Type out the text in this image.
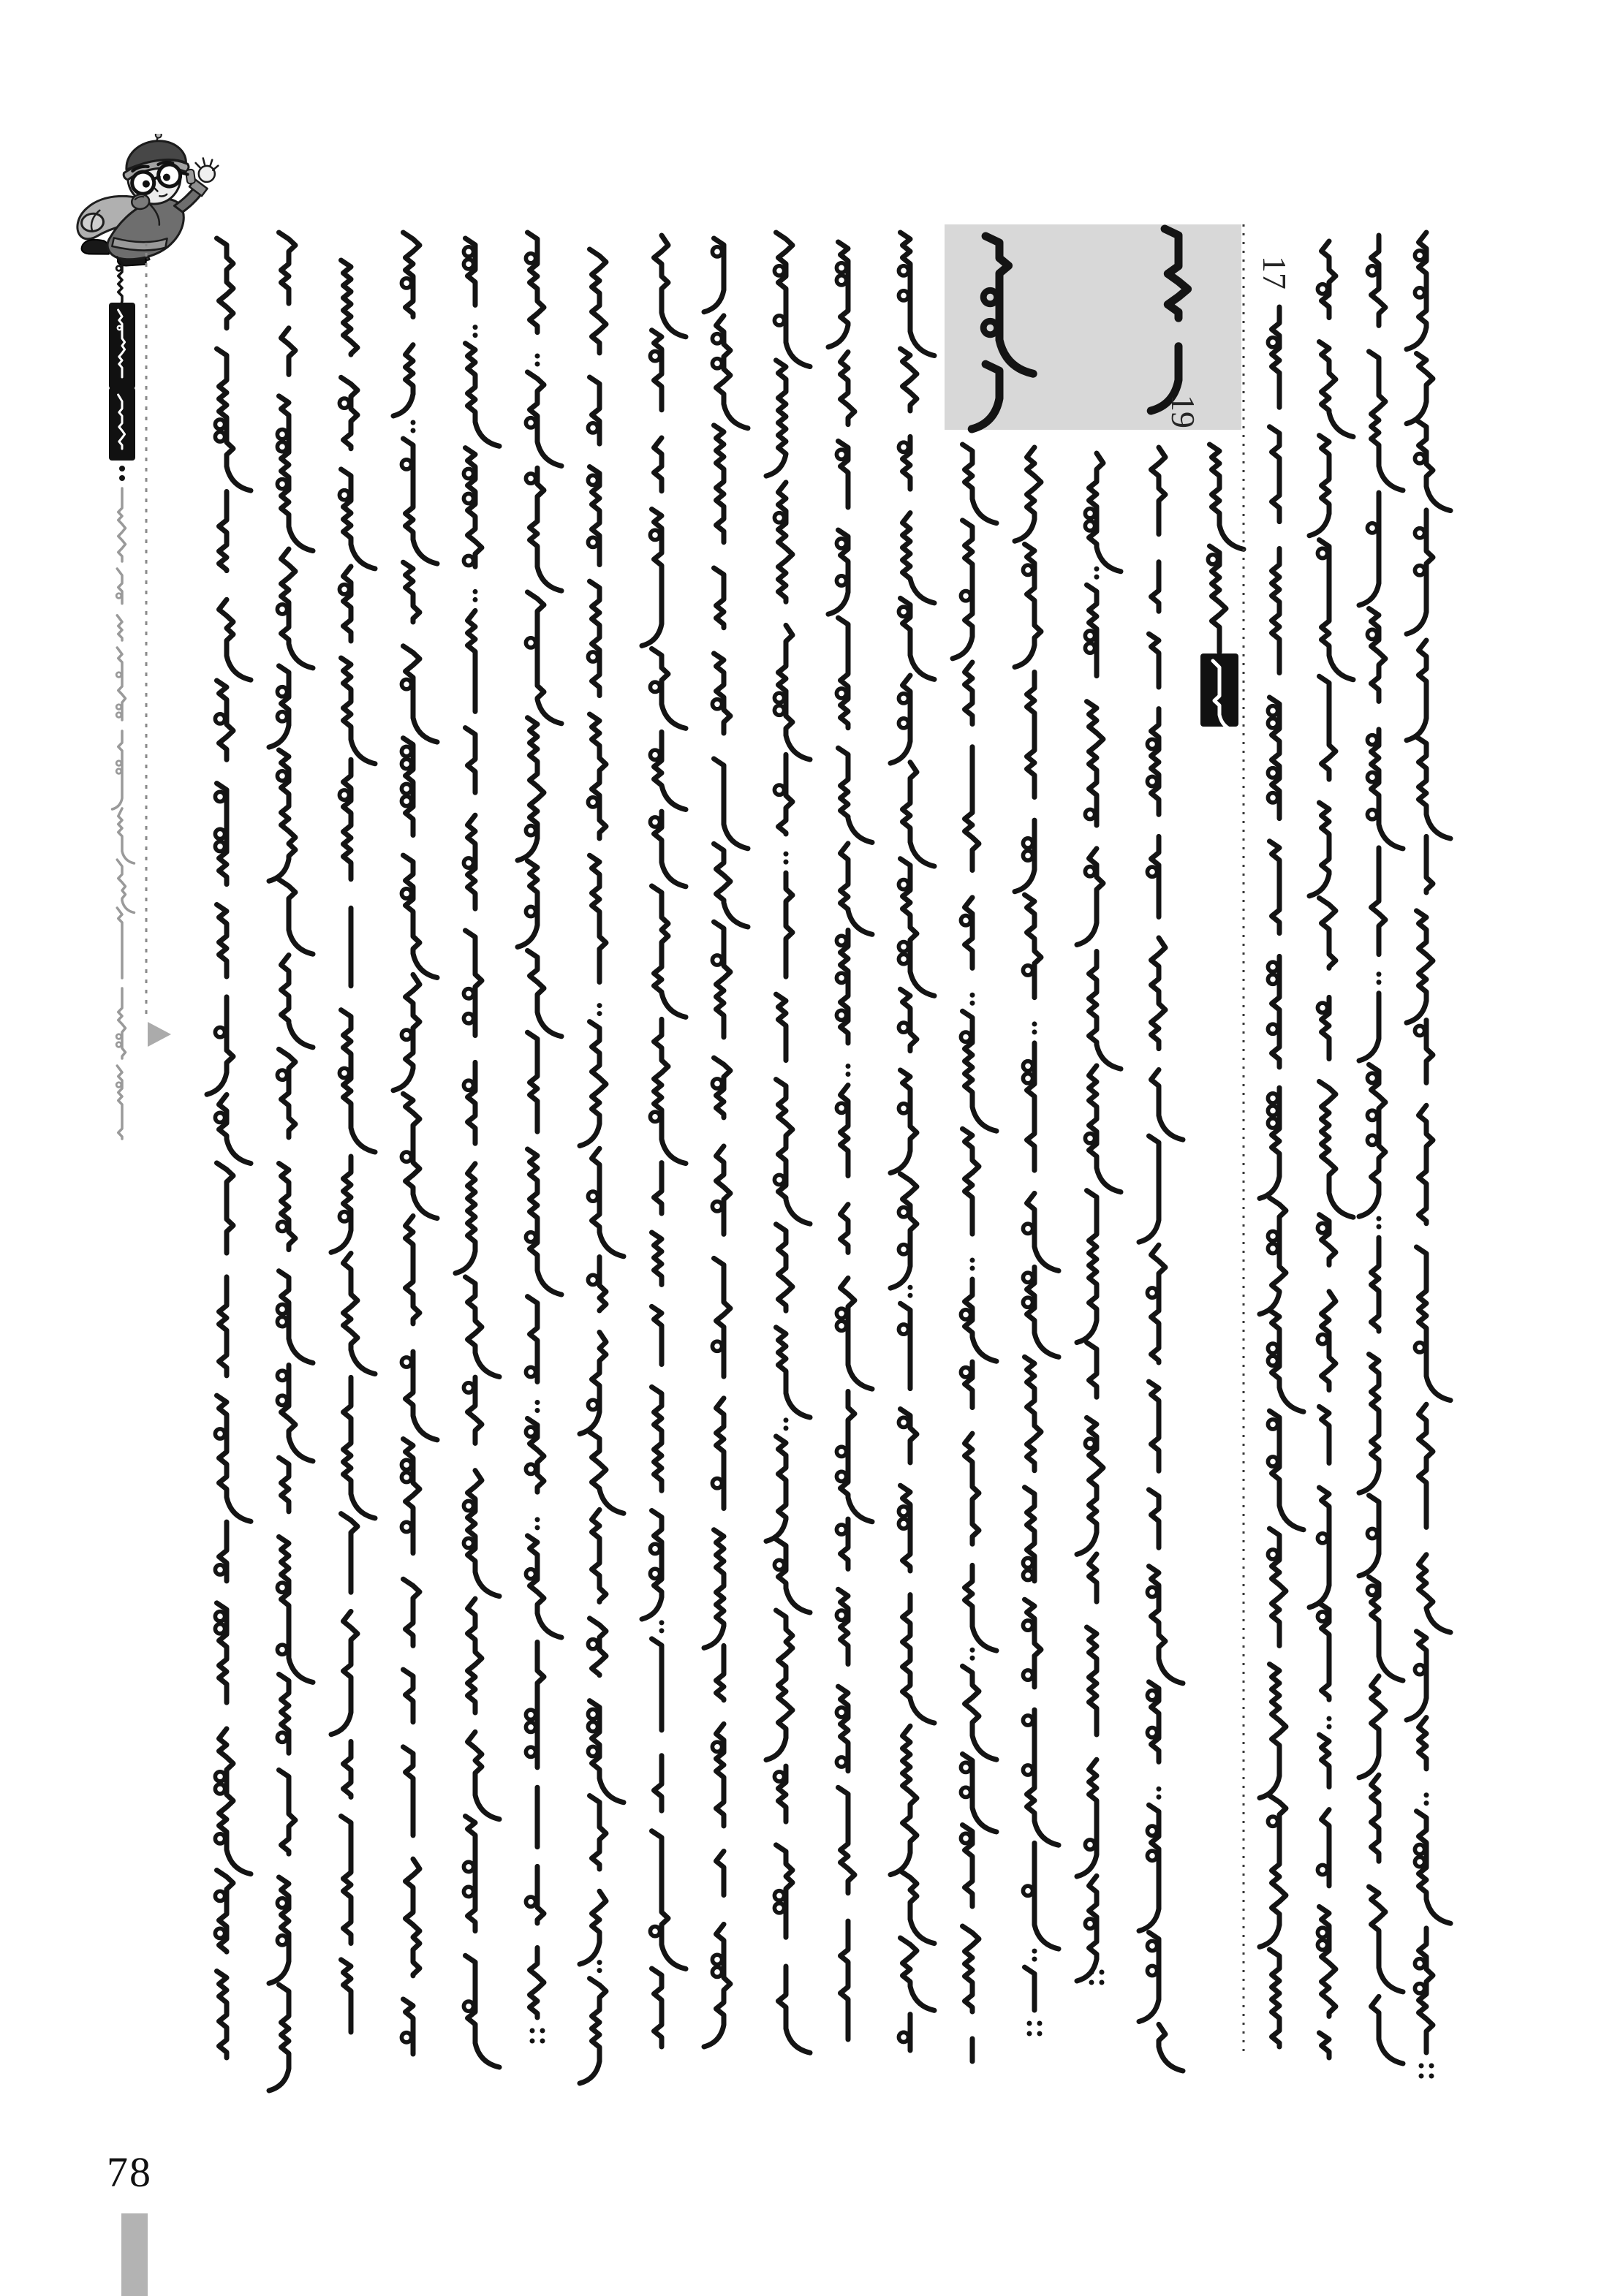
17
19
78
